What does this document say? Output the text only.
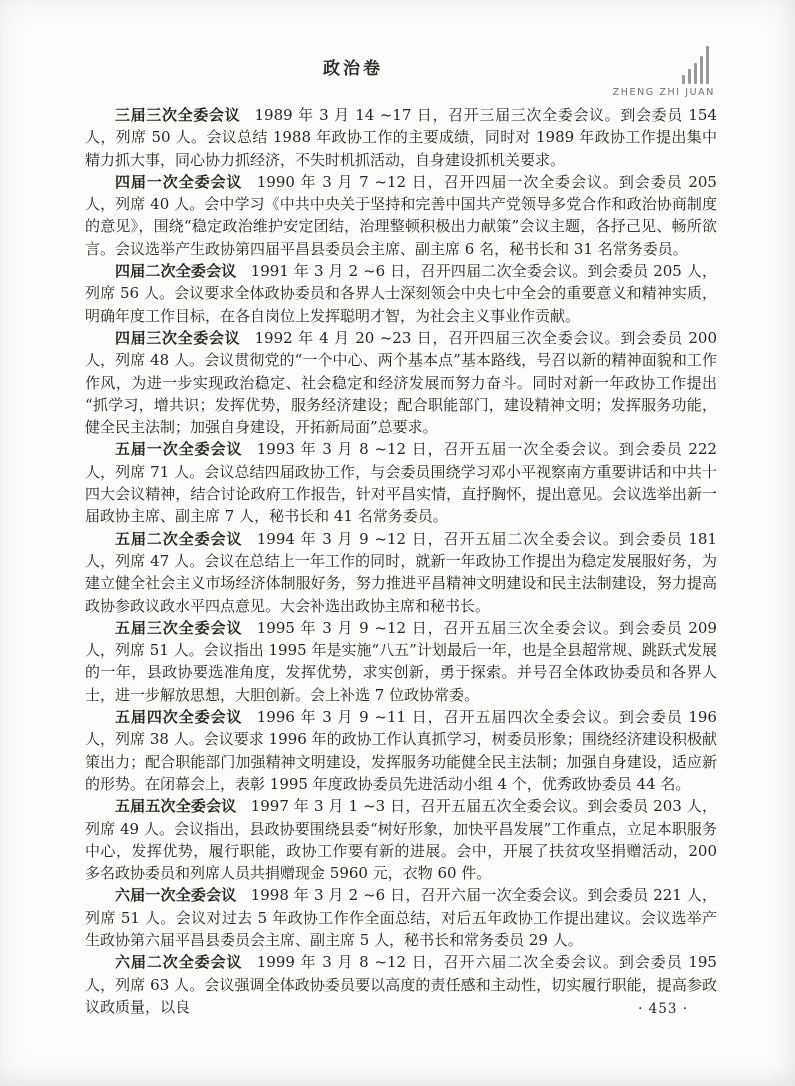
政治卷
ZHENG ZHI JUAN

三届三次全委会议 1989 年 3 月 14 ~17 日，召开三届三次全委会议。到会委员 154 人，列席 50 人。会议总结 1988 年政协工作的主要成绩，同时对 1989 年政协工作提出集中精力抓大事，同心协力抓经济，不失时机抓活动，自身建设抓机关要求。

四届一次全委会议 1990 年 3 月 7 ~12 日，召开四届一次全委会议。到会委员 205 人，列席 40 人。会中学习《中共中央关于坚持和完善中国共产党领导多党合作和政治协商制度的意见》，围绕“稳定政治维护安定团结，治理整顿积极出力献策”会议主题，各抒己见、畅所欲言。会议选举产生政协第四届平昌县委员会主席、副主席 6 名，秘书长和 31 名常务委员。

四届二次全委会议 1991 年 3 月 2 ~6 日，召开四届二次全委会议。到会委员 205 人，列席 56 人。会议要求全体政协委员和各界人士深刻领会中央七中全会的重要意义和精神实质，明确年度工作目标，在各自岗位上发挥聪明才智，为社会主义事业作贡献。

四届三次全委会议 1992 年 4 月 20 ~23 日，召开四届三次全委会议。到会委员 200 人，列席 48 人。会议贯彻党的“一个中心、两个基本点”基本路线，号召以新的精神面貌和工作作风，为进一步实现政治稳定、社会稳定和经济发展而努力奋斗。同时对新一年政协工作提出“抓学习，增共识；发挥优势，服务经济建设；配合职能部门，建设精神文明；发挥服务功能，健全民主法制；加强自身建设，开拓新局面”总要求。

五届一次全委会议 1993 年 3 月 8 ~12 日，召开五届一次全委会议。到会委员 222 人，列席 71 人。会议总结四届政协工作，与会委员围绕学习邓小平视察南方重要讲话和中共十四大会议精神，结合讨论政府工作报告，针对平昌实情，直抒胸怀，提出意见。会议选举出新一届政协主席、副主席 7 人，秘书长和 41 名常务委员。

五届二次全委会议 1994 年 3 月 9 ~12 日，召开五届二次全委会议。到会委员 181 人，列席 47 人。会议在总结上一年工作的同时，就新一年政协工作提出为稳定发展服好务，为建立健全社会主义市场经济体制服好务，努力推进平昌精神文明建设和民主法制建设，努力提高政协参政议政水平四点意见。大会补选出政协主席和秘书长。

五届三次全委会议 1995 年 3 月 9 ~12 日，召开五届三次全委会议。到会委员 209 人，列席 51 人。会议指出 1995 年是实施“八五”计划最后一年，也是全县超常规、跳跃式发展的一年，县政协要选准角度，发挥优势，求实创新，勇于探索。并号召全体政协委员和各界人士，进一步解放思想，大胆创新。会上补选 7 位政协常委。

五届四次全委会议 1996 年 3 月 9 ~11 日，召开五届四次全委会议。到会委员 196 人，列席 38 人。会议要求 1996 年的政协工作认真抓学习，树委员形象；围绕经济建设积极献策出力；配合职能部门加强精神文明建设，发挥服务功能健全民主法制；加强自身建设，适应新的形势。在闭幕会上，表彰 1995 年度政协委员先进活动小组 4 个，优秀政协委员 44 名。

五届五次全委会议 1997 年 3 月 1 ~3 日，召开五届五次全委会议。到会委员 203 人，列席 49 人。会议指出，县政协要围绕县委“树好形象，加快平昌发展”工作重点，立足本职服务中心，发挥优势，履行职能，政协工作要有新的进展。会中，开展了扶贫攻坚捐赠活动，200 多名政协委员和列席人员共捐赠现金 5960 元，衣物 60 件。

六届一次全委会议 1998 年 3 月 2 ~6 日，召开六届一次全委会议。到会委员 221 人，列席 51 人。会议对过去 5 年政协工作作全面总结，对后五年政协工作提出建议。会议选举产生政协第六届平昌县委员会主席、副主席 5 人，秘书长和常务委员 29 人。

六届二次全委会议 1999 年 3 月 8 ~12 日，召开六届二次全委会议。到会委员 195 人，列席 63 人。会议强调全体政协委员要以高度的责任感和主动性，切实履行职能，提高参政议政质量，以良	· 453 ·
